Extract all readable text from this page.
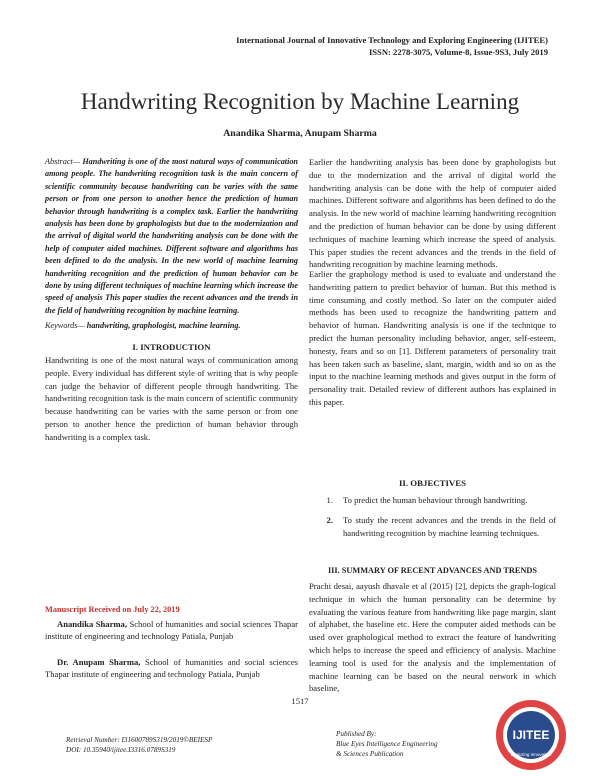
International Journal of Innovative Technology and Exploring Engineering (IJITEE)
ISSN: 2278-3075, Volume-8, Issue-9S3, July 2019
Handwriting Recognition by Machine Learning
Anandika Sharma, Anupam Sharma
Abstract— Handwriting is one of the most natural ways of communication among people. The handwriting recognition task is the main concern of scientific community because handwriting can be varies with the same person or from one person to another hence the prediction of human behavior through handwriting is a complex task. Earlier the handwriting analysis has been done by graphologists but due to the modernization and the arrival of digital world the handwriting analysis can be done with the help of computer aided machines. Different software and algorithms has been defined to do the analysis. In the new world of machine learning handwriting recognition and the prediction of human behavior can be done by using different techniques of machine learning which increase the speed of analysis This paper studies the recent advances and the trends in the field of handwriting recognition by machine learning.
Keywords— handwriting, graphologist, machine learning.
I. INTRODUCTION
Handwriting is one of the most natural ways of communication among people. Every individual has different style of writing that is why people can judge the behavior of different people through handwriting. The handwriting recognition task is the main concern of scientific community because handwriting can be varies with the same person or from one person to another hence the prediction of human behavior through handwriting is a complex task.
Manuscript Received on July 22, 2019
Anandika Sharma, School of humanities and social sciences Thapar institute of engineering and technology Patiala, Punjab
Dr. Anupam Sharma, School of humanities and social sciences Thapar institute of engineering and technology Patiala, Punjab
Earlier the handwriting analysis has been done by graphologists but due to the modernization and the arrival of digital world the handwriting analysis can be done with the help of computer aided machines. Different software and algorithms has been defined to do the analysis. In the new world of machine learning handwriting recognition and the prediction of human behavior can be done by using different techniques of machine learning which increase the speed of analysis. This paper studies the recent advances and the trends in the field of handwriting recognition by machine learning methods.
Earlier the graphology method is used to evaluate and understand the handwriting pattern to predict behavior of human. But this method is time consuming and costly method. So later on the computer aided methods has been used to recognize the handwriting pattern and behavior of human. Handwriting analysis is one if the technique to predict the human personality including behavior, anger, self-esteem, honesty, fears and so on [1]. Different parameters of personality trait has been taken such as baseline, slant, margin, width and so on as the input to the machine learning methods and gives output in the form of personality trait. Detailed review of different authors has explained in this paper.
II. OBJECTIVES
1.	To predict the human behaviour through handwriting.
2.	To study the recent advances and the trends in the field of handwriting recognition by machine learning techniques.
III. SUMMARY OF RECENT ADVANCES AND TRENDS
Prachi desai, aayush dhavale et al (2015) [2], depicts the graph-logical technique in which the human personality can be determine by evaluating the various feature from handwriting like page margin, slant of alphabet, the baseline etc. Here the computer aided methods can be used over graphological method to extract the feature of handwriting which helps to increase the speed and efficiency of analysis. Machine learning tool is used for the analysis and the implementation of machine learning can be based on the neural network in which baseline,
1517
Retrieval Number: I31600789S319/2019©BEIESP
DOI: 10.35940/ijitee.I3316.0789S319
Published By:
Blue Eyes Intelligence Engineering
& Sciences Publication
IJITEE
Exploring Innovation
